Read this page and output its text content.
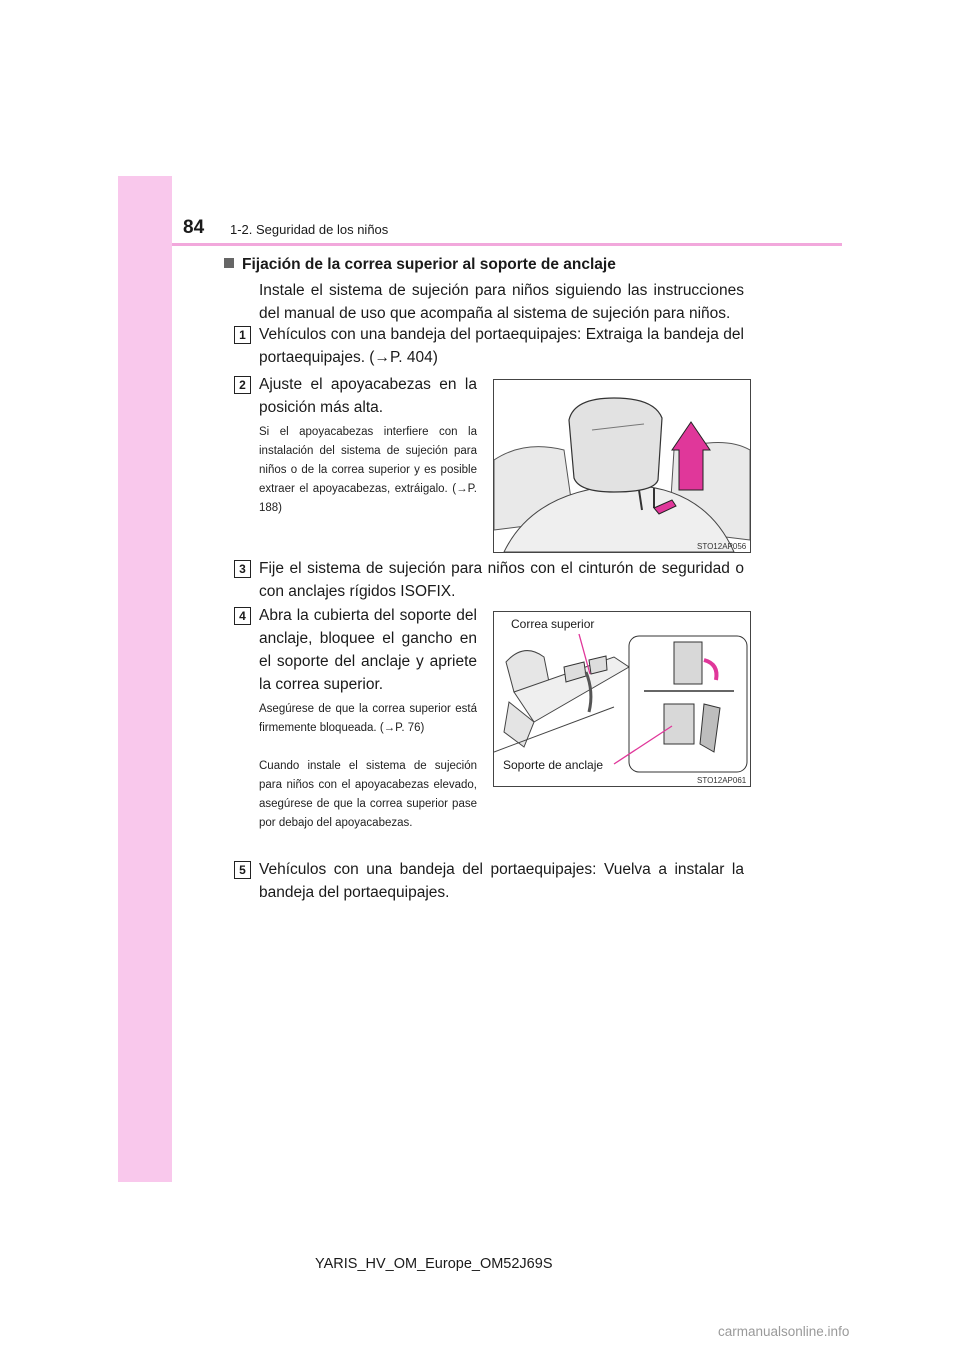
84 1-2. Seguridad de los niños
Fijación de la correa superior al soporte de anclaje
Instale el sistema de sujeción para niños siguiendo las instrucciones del manual de uso que acompaña al sistema de sujeción para niños.
1 Vehículos con una bandeja del portaequipajes: Extraiga la bandeja del portaequipajes. (→P. 404)
2 Ajuste el apoyacabezas en la posición más alta.
Si el apoyacabezas interfiere con la instalación del sistema de sujeción para niños o de la correa superior y es posible extraer el apoyacabezas, extráigalo. (→P. 188)
STO12AP056
3 Fije el sistema de sujeción para niños con el cinturón de seguridad o con anclajes rígidos ISOFIX.
4 Abra la cubierta del soporte del anclaje, bloquee el gancho en el soporte del anclaje y apriete la correa superior.
Asegúrese de que la correa superior está firmemente bloqueada. (→P. 76)
Cuando instale el sistema de sujeción para niños con el apoyacabezas elevado, asegúrese de que la correa superior pase por debajo del apoyacabezas.
Correa superior
Soporte de anclaje
STO12AP061
5 Vehículos con una bandeja del portaequipajes: Vuelva a instalar la bandeja del portaequipajes.
YARIS_HV_OM_Europe_OM52J69S
carmanualsonline.info
